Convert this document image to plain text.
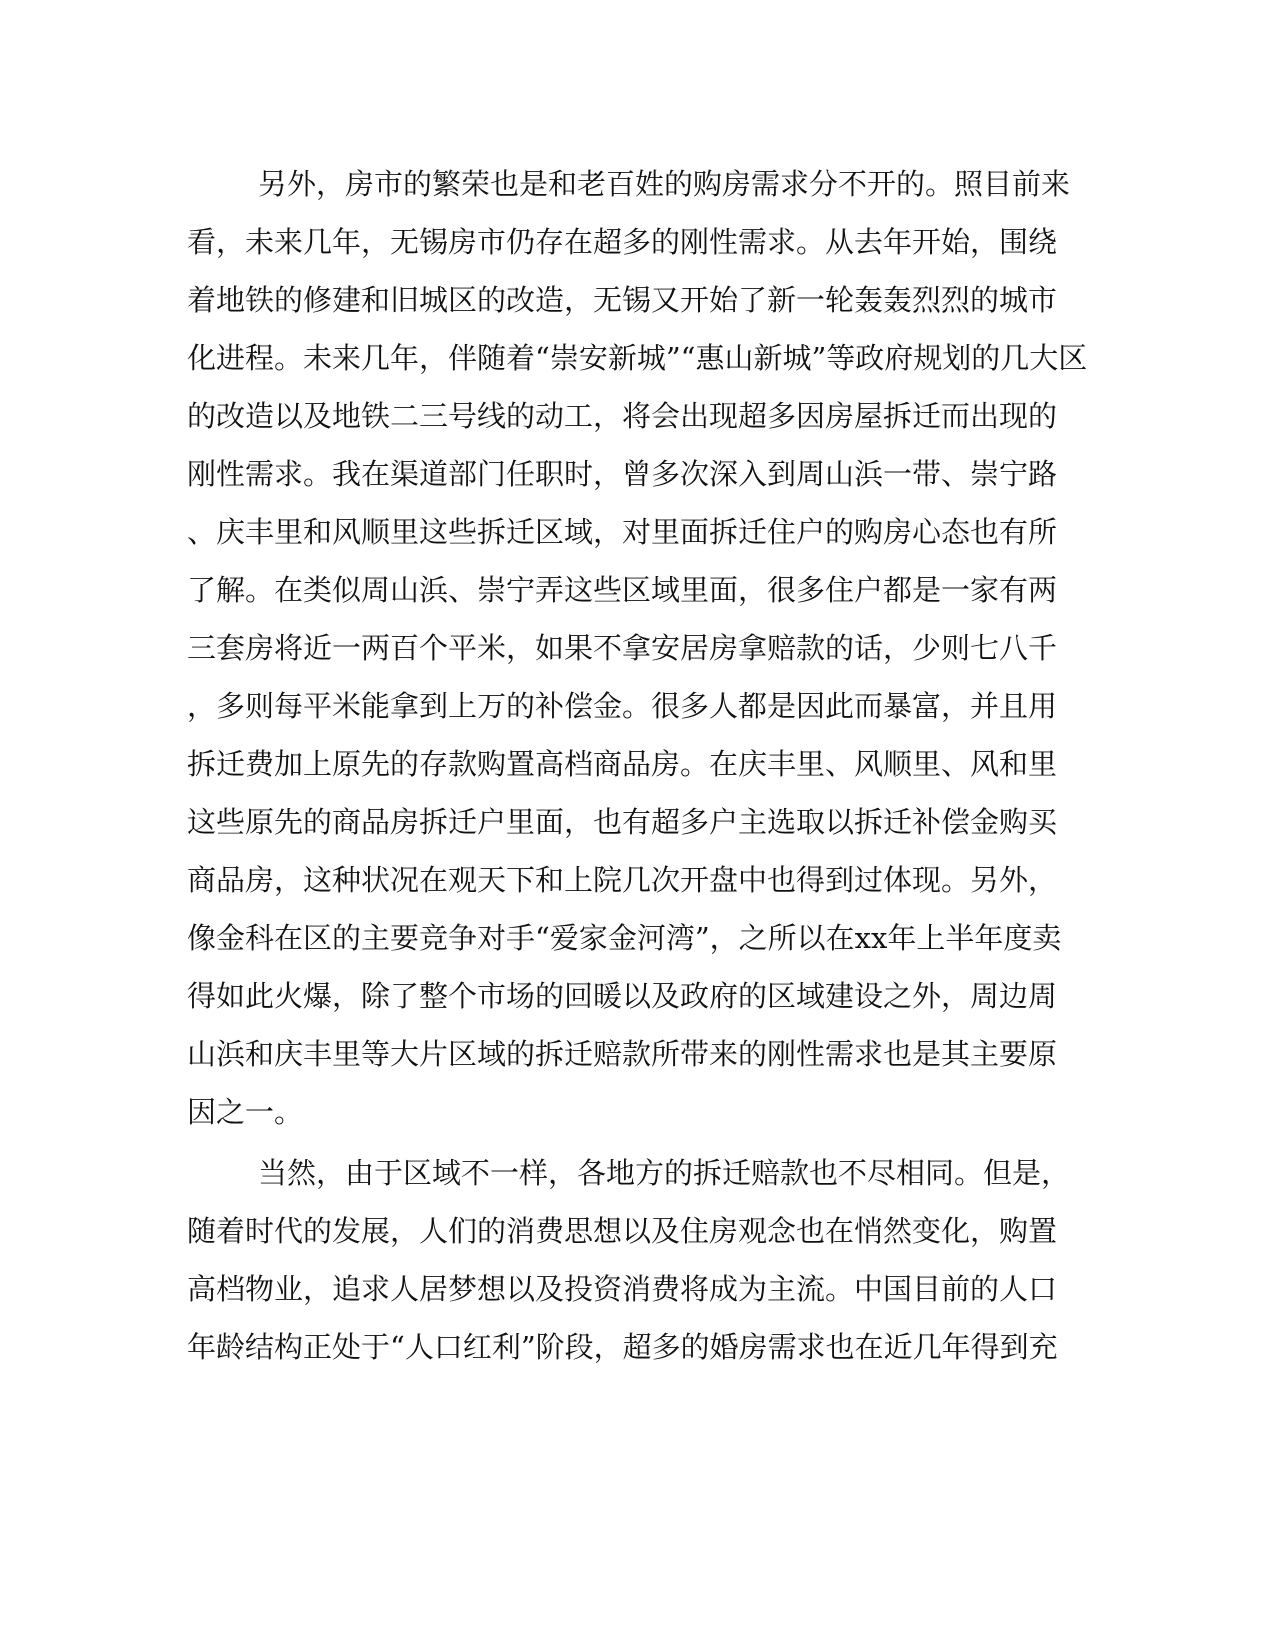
另外，房市的繁荣也是和老百姓的购房需求分不开的。照目前来
看，未来几年，无锡房市仍存在超多的刚性需求。从去年开始，围绕
着地铁的修建和旧城区的改造，无锡又开始了新一轮轰轰烈烈的城市
化进程。未来几年，伴随着“崇安新城”“惠山新城”等政府规划的几大区
的改造以及地铁二三号线的动工，将会出现超多因房屋拆迁而出现的
刚性需求。我在渠道部门任职时，曾多次深入到周山浜一带、崇宁路
、庆丰里和风顺里这些拆迁区域，对里面拆迁住户的购房心态也有所
了解。在类似周山浜、崇宁弄这些区域里面，很多住户都是一家有两
三套房将近一两百个平米，如果不拿安居房拿赔款的话，少则七八千
，多则每平米能拿到上万的补偿金。很多人都是因此而暴富，并且用
拆迁费加上原先的存款购置高档商品房。在庆丰里、风顺里、风和里
这些原先的商品房拆迁户里面，也有超多户主选取以拆迁补偿金购买
商品房，这种状况在观天下和上院几次开盘中也得到过体现。另外，
像金科在区的主要竞争对手“爱家金河湾”，之所以在xx年上半年度卖
得如此火爆，除了整个市场的回暖以及政府的区域建设之外，周边周
山浜和庆丰里等大片区域的拆迁赔款所带来的刚性需求也是其主要原
因之一。
当然，由于区域不一样，各地方的拆迁赔款也不尽相同。但是，
随着时代的发展，人们的消费思想以及住房观念也在悄然变化，购置
高档物业，追求人居梦想以及投资消费将成为主流。中国目前的人口
年龄结构正处于“人口红利”阶段，超多的婚房需求也在近几年得到充
